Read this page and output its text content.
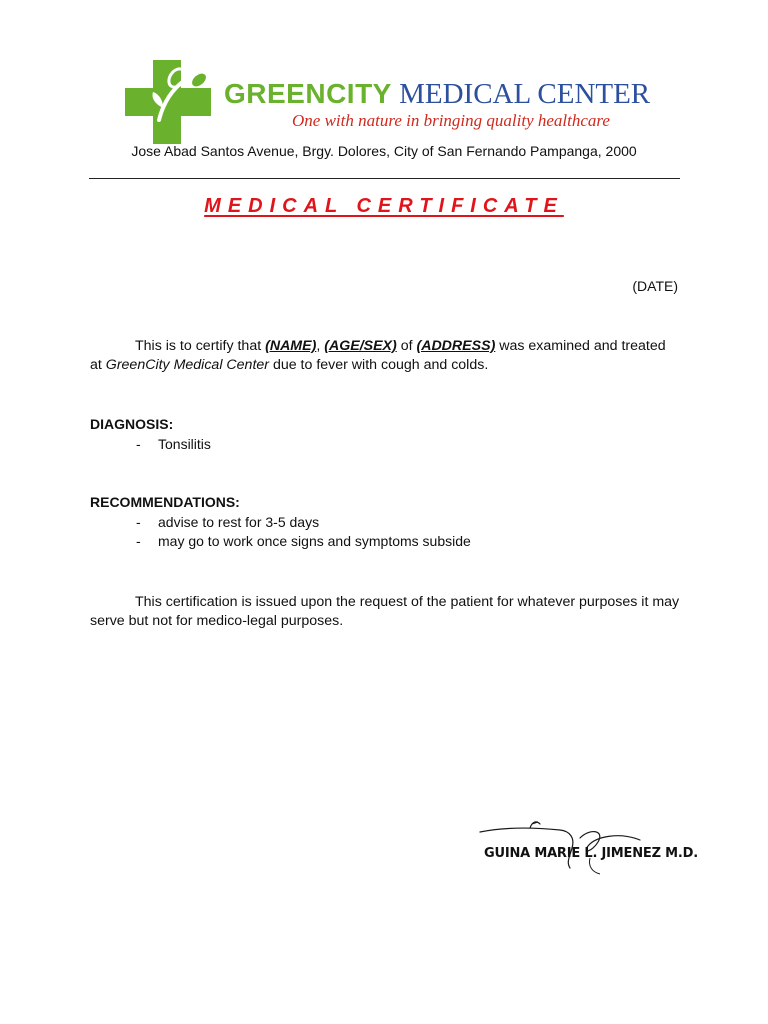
GREENCITY MEDICAL CENTER
One with nature in bringing quality healthcare
Jose Abad Santos Avenue, Brgy. Dolores, City of San Fernando Pampanga, 2000
MEDICAL CERTIFICATE
(DATE)
This is to certify that (NAME), (AGE/SEX) of (ADDRESS) was examined and treated at GreenCity Medical Center due to fever with cough and colds.
DIAGNOSIS:
- Tonsilitis
RECOMMENDATIONS:
- advise to rest for 3-5 days
- may go to work once signs and symptoms subside
This certification is issued upon the request of the patient for whatever purposes it may serve but not for medico-legal purposes.
GUINA MARIE L. JIMENEZ M.D.
